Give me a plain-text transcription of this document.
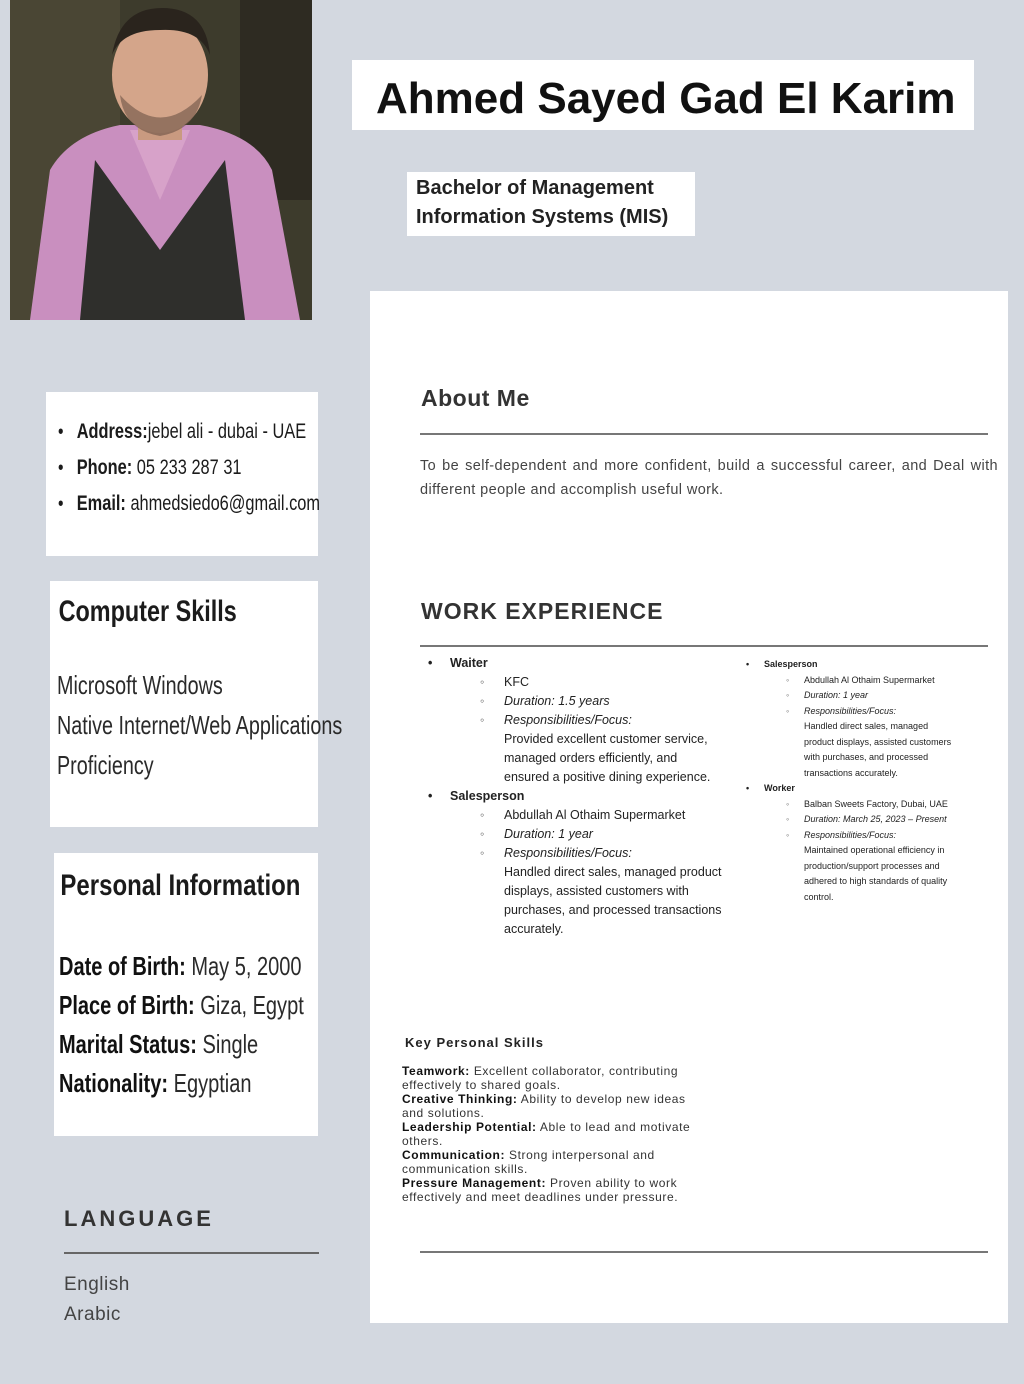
Ahmed Sayed Gad El Karim
Bachelor of Management
Information Systems (MIS)
• Address:jebel ali - dubai - UAE
• Phone: 05 233 287 31
• Email: ahmedsiedo6@gmail.com
Computer Skills
Microsoft Windows
Native Internet/Web Applications
Proficiency
Personal Information
Date of Birth: May 5, 2000
Place of Birth: Giza, Egypt
Marital Status: Single
Nationality: Egyptian
LANGUAGE
English
Arabic
About Me
To be self-dependent and more confident, build a successful career, and Deal with different people and accomplish useful work.
WORK EXPERIENCE
• Waiter
◦ KFC
◦ Duration: 1.5 years
◦ Responsibilities/Focus:
Provided excellent customer service, managed orders efficiently, and ensured a positive dining experience.
• Salesperson
◦ Abdullah Al Othaim Supermarket
◦ Duration: 1 year
◦ Responsibilities/Focus:
Handled direct sales, managed product displays, assisted customers with purchases, and processed transactions accurately.
• Salesperson
◦ Abdullah Al Othaim Supermarket
◦ Duration: 1 year
◦ Responsibilities/Focus:
Handled direct sales, managed product displays, assisted customers with purchases, and processed transactions accurately.
• Worker
◦ Balban Sweets Factory, Dubai, UAE
◦ Duration: March 25, 2023 – Present
◦ Responsibilities/Focus:
Maintained operational efficiency in production/support processes and adhered to high standards of quality control.
Key Personal Skills
Teamwork: Excellent collaborator, contributing effectively to shared goals.
Creative Thinking: Ability to develop new ideas and solutions.
Leadership Potential: Able to lead and motivate others.
Communication: Strong interpersonal and communication skills.
Pressure Management: Proven ability to work effectively and meet deadlines under pressure.
